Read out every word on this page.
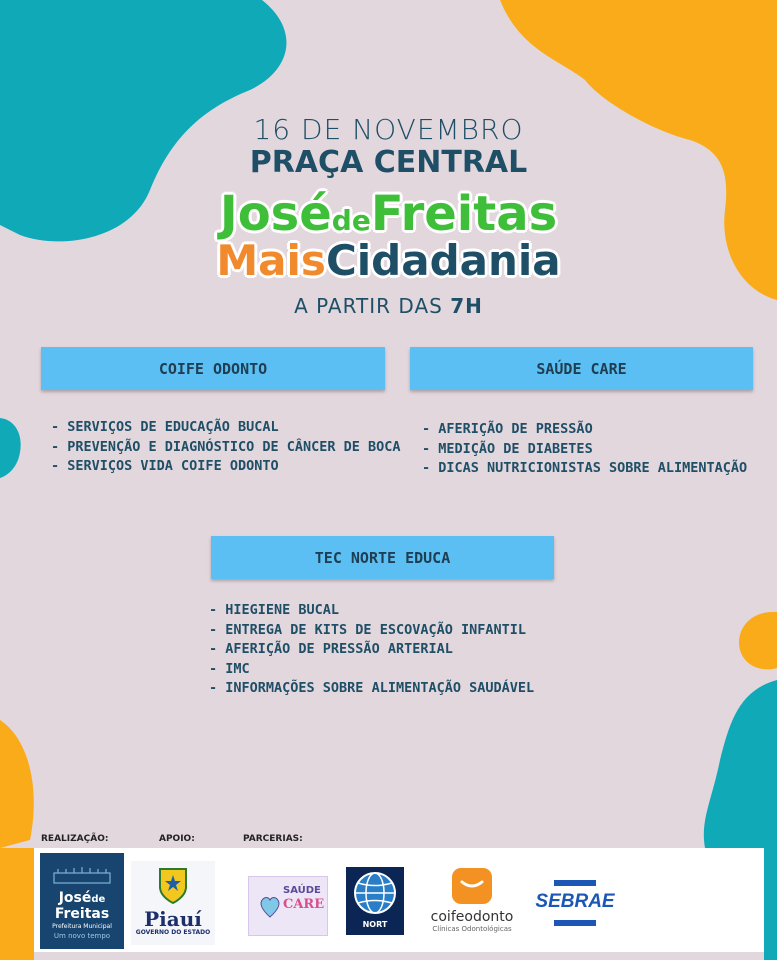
16 DE NOVEMBRO
PRAÇA CENTRAL
JosédeFreitas
MaisCidadania
A PARTIR DAS 7H
COIFE ODONTO	SAÚDE CARE
- SERVIÇOS DE EDUCAÇÃO BUCAL
- PREVENÇÃO E DIAGNÓSTICO DE CÂNCER DE BOCA
- SERVIÇOS VIDA COIFE ODONTO
- AFERIÇÃO DE PRESSÃO
- MEDIÇÃO DE DIABETES
- DICAS NUTRICIONISTAS SOBRE ALIMENTAÇÃO
TEC NORTE EDUCA
- HIEGIENE BUCAL
- ENTREGA DE KITS DE ESCOVAÇÃO INFANTIL
- AFERIÇÃO DE PRESSÃO ARTERIAL
- IMC
- INFORMAÇÕES SOBRE ALIMENTAÇÃO SAUDÁVEL
REALIZAÇÃO:	APOIO:	PARCERIAS:
Joséde
Freitas
Prefeitura Municipal
Um novo tempo
Piauí
GOVERNO DO ESTADO
SAÚDE
CARE
NORT	coifeodonto
Clínicas Odontológicas
SEBRAE
